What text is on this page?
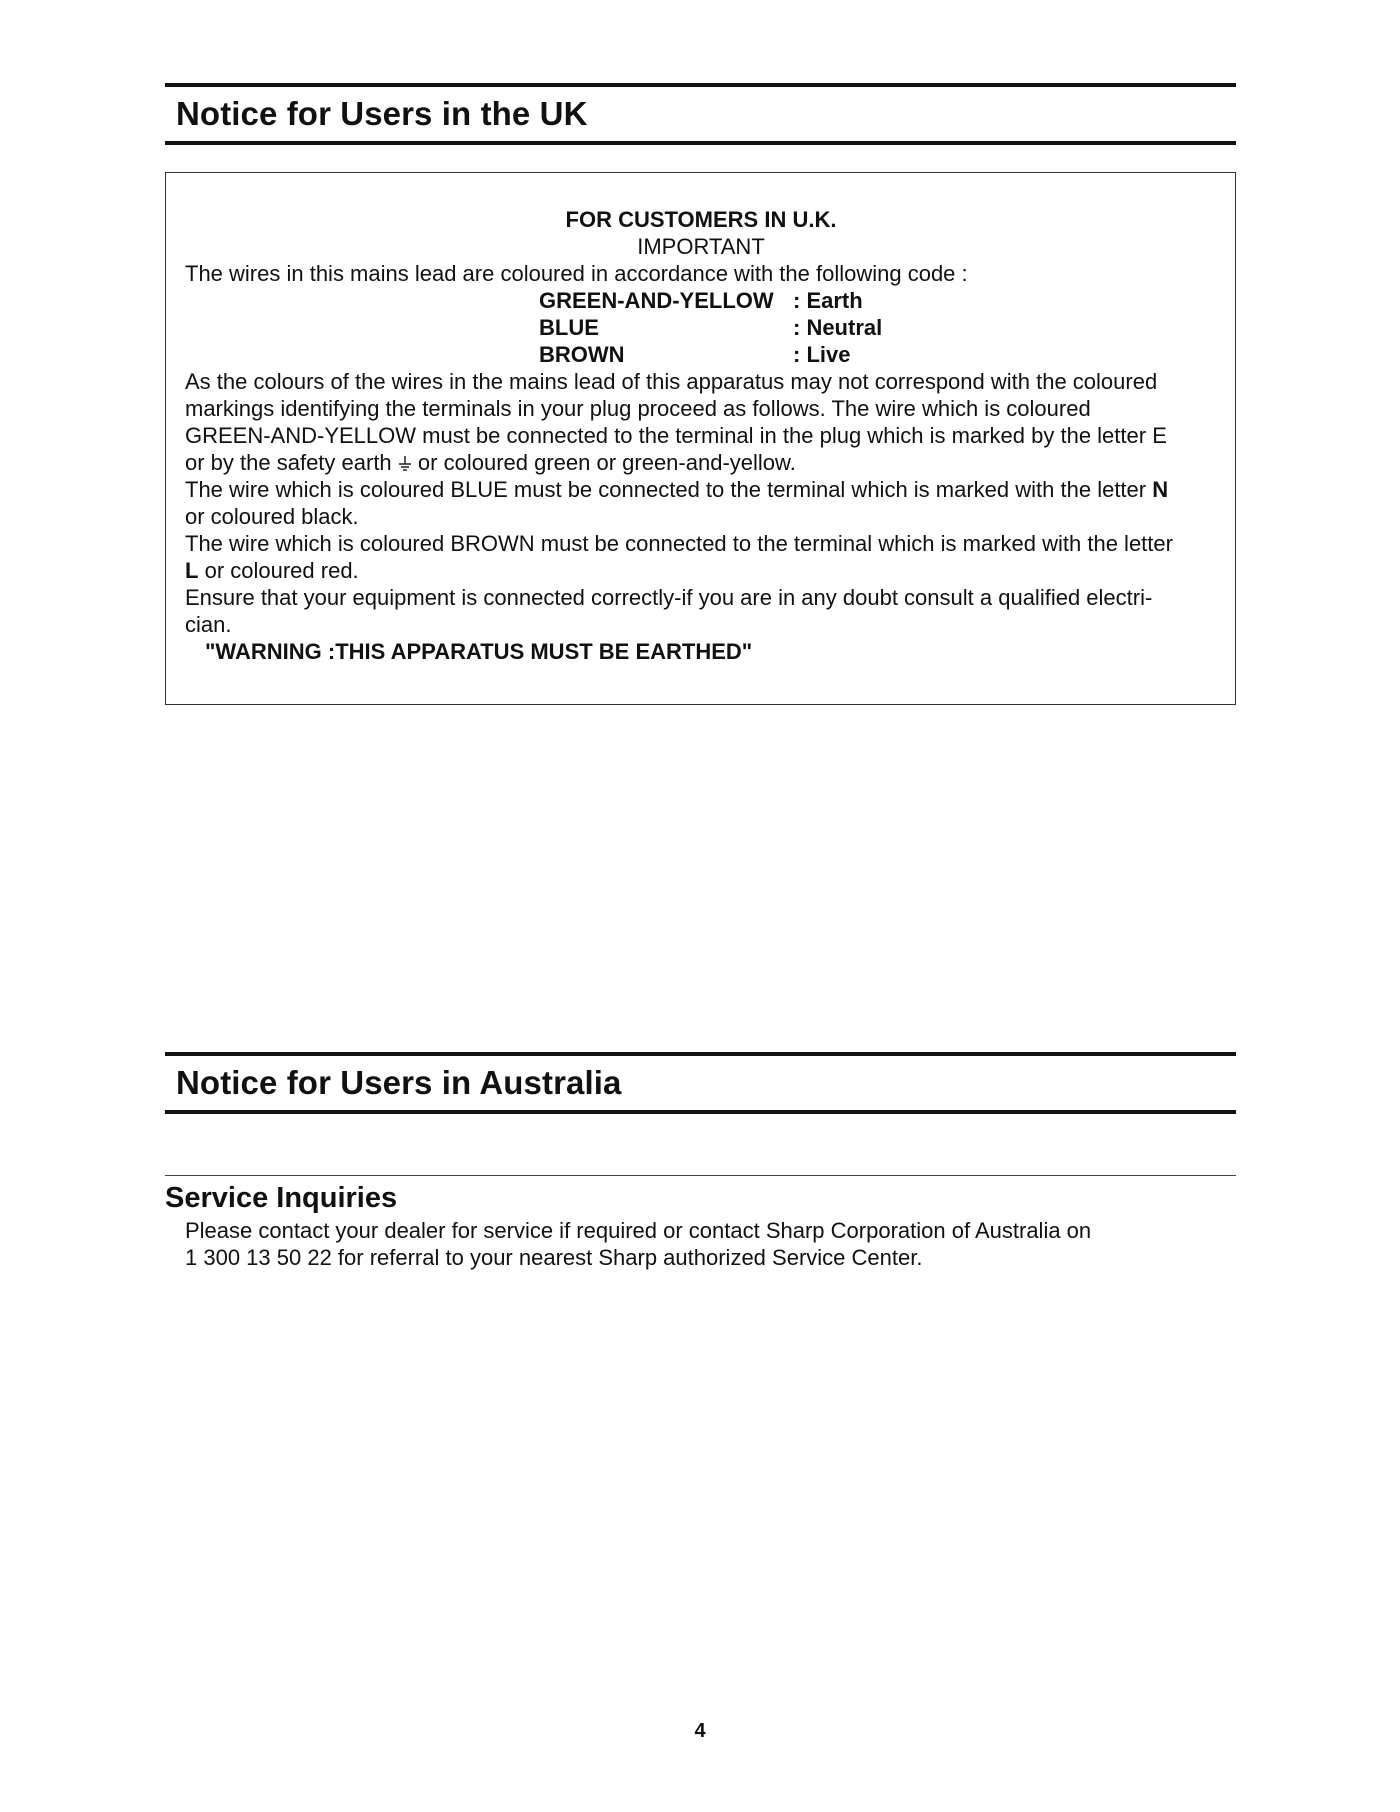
Notice for Users in the UK

FOR CUSTOMERS IN U.K.

IMPORTANT

The wires in this mains lead are coloured in accordance with the following code :

GREEN-AND-YELLOW : Earth
BLUE	: Neutral
BROWN	: Live

As the colours of the wires in the mains lead of this apparatus may not correspond with the coloured
markings identifying the terminals in your plug proceed as follows. The wire which is coloured
GREEN-AND-YELLOW must be connected to the terminal in the plug which is marked by the letter E
or by the safety earth or coloured green or green-and-yellow.

The wire which is coloured BLUE must be connected to the terminal which is marked with the letter N
or coloured black.

The wire which is coloured BROWN must be connected to the terminal which is marked with the letter
L or coloured red.

Ensure that your equipment is connected correctly-if you are in any doubt consult a qualified electri-
cian.

"WARNING :THIS APPARATUS MUST BE EARTHED"

Notice for Users in Australia
Service Inquiries

Please contact your dealer for service if required or contact Sharp Corporation of Australia on
1 300 13 50 22 for referral to your nearest Sharp authorized Service Center.

4
